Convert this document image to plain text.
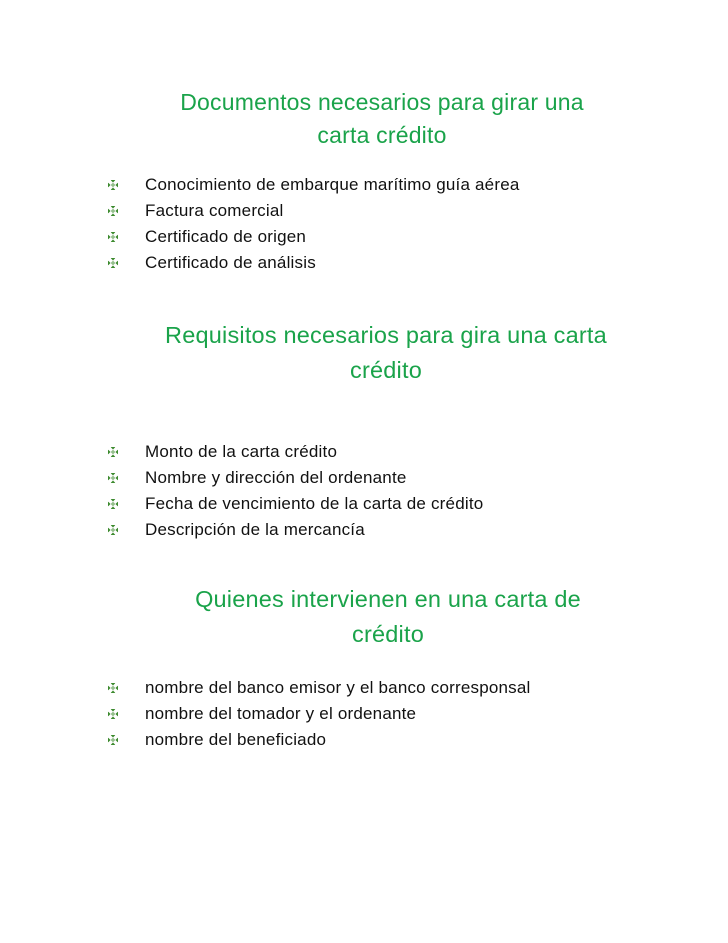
Documentos necesarios para girar una
carta crédito
Conocimiento de embarque marítimo guía aérea
Factura comercial
Certificado de origen
Certificado de análisis
Requisitos necesarios para gira una carta
crédito
Monto de la carta crédito
Nombre y dirección del ordenante
Fecha de vencimiento de la carta de crédito
Descripción de la mercancía
Quienes intervienen en una carta de
crédito
nombre del banco emisor y el banco corresponsal
nombre del tomador y el ordenante
nombre del beneficiado
